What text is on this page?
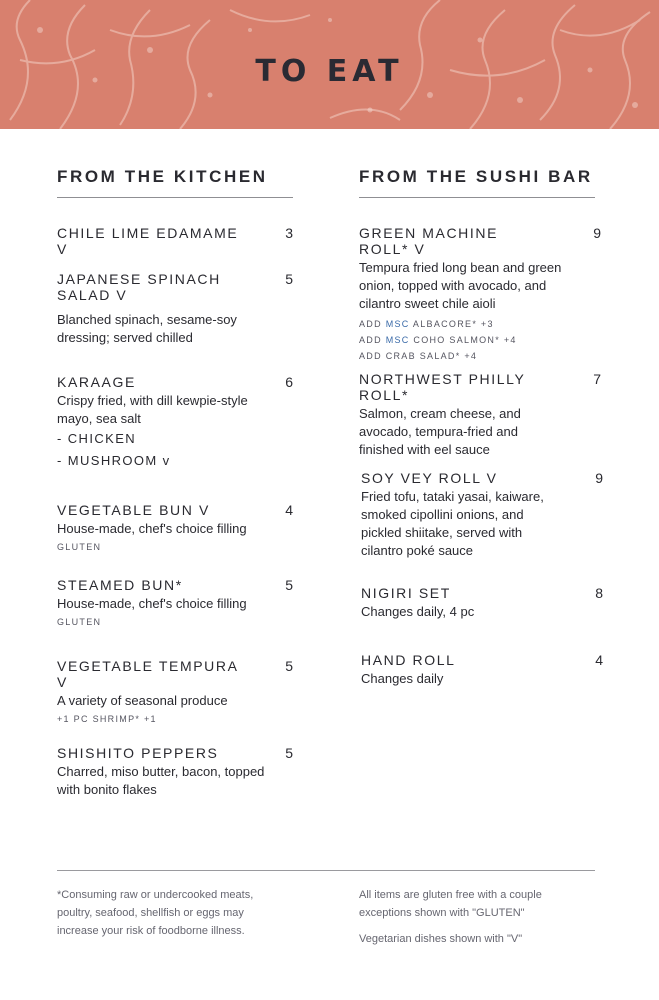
TO EAT
FROM THE KITCHEN
CHILE LIME EDAMAME V
3
JAPANESE SPINACH SALAD V
5
Blanched spinach, sesame-soy dressing; served chilled
KARAAGE	6
Crispy fried, with dill kewpie-style mayo, sea salt
- CHICKEN
- MUSHROOM v
VEGETABLE BUN V	4
House-made, chef's choice filling
GLUTEN
STEAMED BUN*	5
House-made, chef's choice filling
GLUTEN
VEGETABLE TEMPURA V
5
A variety of seasonal produce
+1 PC SHRIMP* +1
SHISHITO PEPPERS	5
Charred, miso butter, bacon, topped with bonito flakes
FROM THE SUSHI BAR
GREEN MACHINE ROLL* V
9
Tempura fried long bean and green onion, topped with avocado, and cilantro sweet chile aioli
ADD MSC ALBACORE* +3
ADD MSC COHO SALMON* +4
ADD CRAB SALAD* +4
NORTHWEST PHILLY ROLL*
7
Salmon, cream cheese, and avocado, tempura-fried and finished with eel sauce
SOY VEY ROLL V	9
Fried tofu, tataki yasai, kaiware, smoked cipollini onions, and pickled shiitake, served with cilantro poké sauce
NIGIRI SET	8
Changes daily, 4 pc
HAND ROLL	4
Changes daily
*Consuming raw or undercooked meats, poultry, seafood, shellfish or eggs may increase your risk of foodborne illness.
All items are gluten free with a couple exceptions shown with "GLUTEN"
Vegetarian dishes shown with "V"
